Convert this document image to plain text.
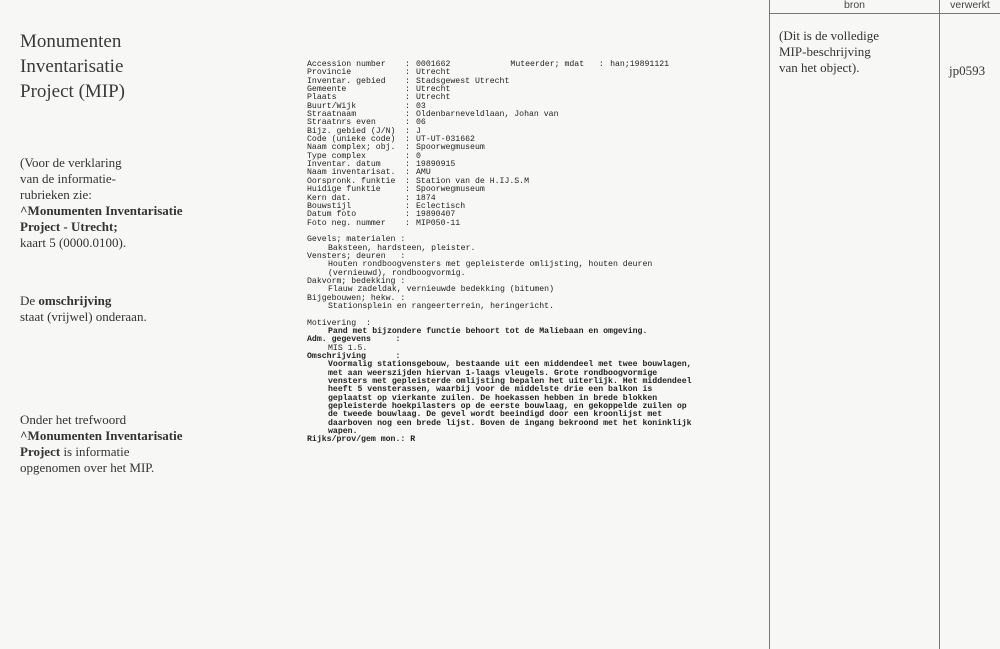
Monumenten
Inventarisatie
Project (MIP)
(Voor de verklaring
van de informatie-
rubrieken zie:
^Monumenten Inventarisatie
Project - Utrecht;
kaart 5 (0000.0100).
De omschrijving
staat (vrijwel) onderaan.
Onder het trefwoord
^Monumenten Inventarisatie
Project is informatie
opgenomen over het MIP.
Accession number	: 0001662	Muteerder; mdat : han;19891121
Provincie	: Utrecht
Inventar. gebied	: Stadsgewest Utrecht
Gemeente	: Utrecht
Plaats	: Utrecht
Buurt/Wijk	: 03
Straatnaam	: Oldenbarneveldlaan, Johan van
Straatnrs even	: 06
Bijz. gebied (J/N)	: J
Code (unieke code)	: UT-UT-031662
Naam complex; obj.	: Spoorwegmuseum
Type complex	: 0
Inventar. datum	: 19890915
Naam inventarisat.	: AMU
Oorspronk. funktie	: Station van de H.IJ.S.M
Huidige funktie	: Spoorwegmuseum
Kern dat.	: 1874
Bouwstijl	: Eclectisch
Datum foto	: 19890407
Foto neg. nummer	: MIP050-11
Gevels; materialen :
Baksteen, hardsteen, pleister.
Vensters; deuren   :
Houten rondboogvensters met gepleisterde omlijsting, houten deuren
(vernieuwd), rondboogvormig.
Dakvorm; bedekking :
Flauw zadeldak, vernieuwde bedekking (bitumen)
Bijgebouwen; hekw. :
Stationsplein en rangeerterrein, heringericht.
Motivering  :
Pand met bijzondere functie behoort tot de Maliebaan en omgeving.
Adm. gegevens     :
MIS 1.5.
Omschrijving      :
Voormalig stationsgebouw, bestaande uit een middendeel met twee bouwlagen,
met aan weerszijden hiervan 1-laags vleugels. Grote rondboogvormige
vensters met gepleisterde omlijsting bepalen het uiterlijk. Het middendeel
heeft 5 vensterassen, waarbij voor de middelste drie een balkon is
geplaatst op vierkante zuilen. De hoekassen hebben in brede blokken
gepleisterde hoekpilasters op de eerste bouwlaag, en gekoppelde zuilen op
de tweede bouwlaag. De gevel wordt beeindigd door een kroonlijst met
daarboven nog een brede lijst. Boven de ingang bekroond met het koninklijk
wapen.
Rijks/prov/gem mon.: R
bron	verwerkt
(Dit is de volledige
MIP-beschrijving
van het object).	jp0593
